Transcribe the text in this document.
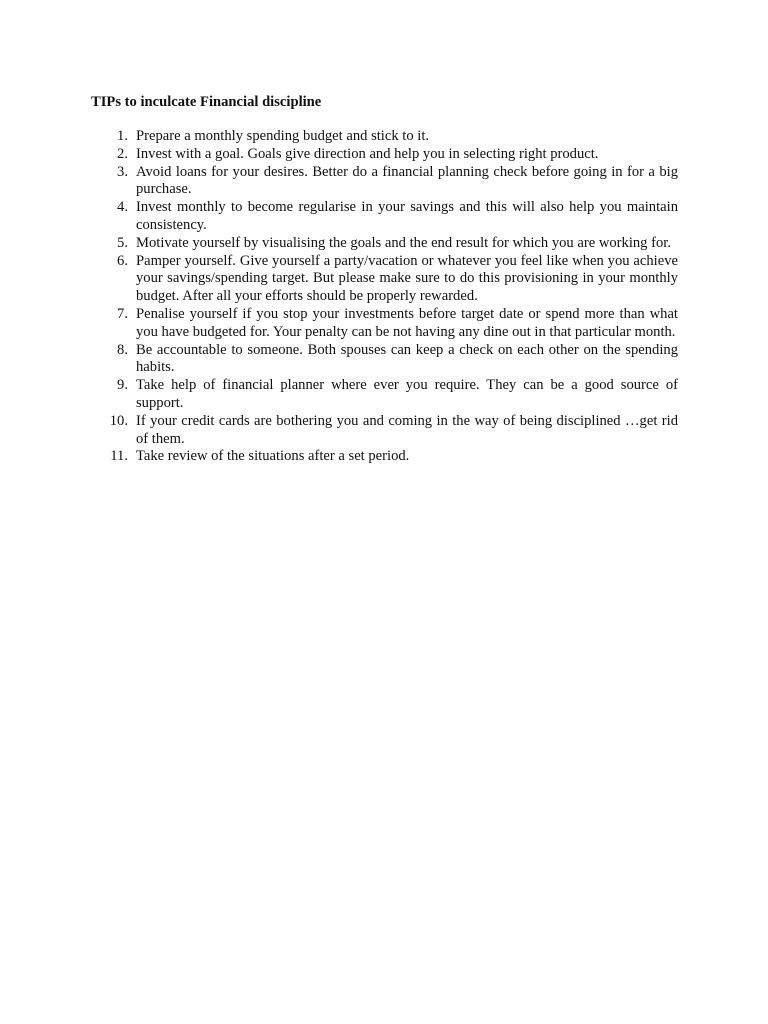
TIPs to inculcate Financial discipline

1. Prepare a monthly spending budget and stick to it.
2. Invest with a goal. Goals give direction and help you in selecting right product.
3. Avoid loans for your desires. Better do a financial planning check before going in for a big purchase.
4. Invest monthly to become regularise in your savings and this will also help you maintain consistency.
5. Motivate yourself by visualising the goals and the end result for which you are working for.
6. Pamper yourself. Give yourself a party/vacation or whatever you feel like when you achieve your savings/spending target. But please make sure to do this provisioning in your monthly budget. After all your efforts should be properly rewarded.
7. Penalise yourself if you stop your investments before target date or spend more than what you have budgeted for. Your penalty can be not having any dine out in that particular month.
8. Be accountable to someone. Both spouses can keep a check on each other on the spending habits.
9. Take help of financial planner where ever you require. They can be a good source of support.
10. If your credit cards are bothering you and coming in the way of being disciplined …get rid of them.
11. Take review of the situations after a set period.
